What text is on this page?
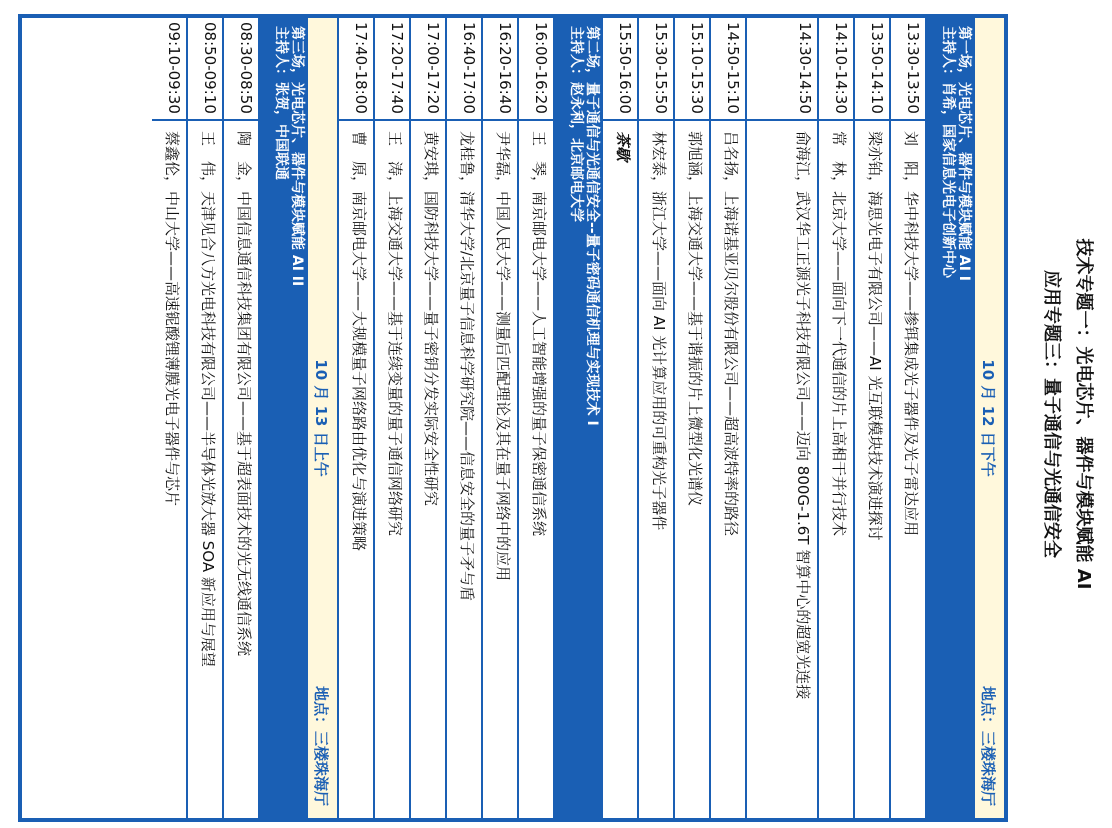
技术专题一：光电芯片、器件与模块赋能 AI
应用专题三：量子通信与光通信安全
10 月 12 日下午
地点：三楼珠海厅
第一场，光电芯片、器件与模块赋能 AI I
主持人：肖希，国家信息光电子创新中心
13:30-13:50
刘　阳，华中科技大学——掺铒集成光子器件及光子雷达应用
13:50-14:10
梁亦铂，海思光电子有限公司——AI 光互联模块技术演进探讨
14:10-14:30
常　林，北京大学——面向下一代通信的片上高相干并行技术
14:30-14:50
俞海江，武汉华工正源光子科技有限公司——迈向 800G-1.6T 智算中心的超宽光连接
14:50-15:10
吕名扬，上海诺基亚贝尔股份有限公司——超高波特率的路径
15:10-15:30
郭旭涵，上海交通大学——基于谐振的片上微型化光谱仪
15:30-15:50
林宏泰，浙江大学——面向 AI 光计算应用的可重构光子器件
15:50-16:00
茶歇
第二场，量子通信与光通信安全--量子密码通信机理与实现技术 I
主持人：赵永利，北京邮电大学
16:00-16:20
王　琴，南京邮电大学——人工智能增强的量子保密通信系统
16:20-16:40
尹华磊，中国人民大学——测量后匹配理论及其在量子网络中的应用
16:40-17:00
龙桂鲁，清华大学/北京量子信息科学研究院——信息安全的量子矛与盾
17:00-17:20
黄安琪，国防科技大学——量子密钥分发实际安全性研究
17:20-17:40
王　涛，上海交通大学——基于连续变量的量子通信网络研究
17:40-18:00
曹　原，南京邮电大学——大规模量子网络路由优化与演进策略
10 月 13 日上午
地点：三楼珠海厅
第三场，光电芯片、器件与模块赋能 AI II
主持人：张贺，中国联通
08:30-08:50
陶　金，中国信息通信科技集团有限公司——基于超表面技术的光无线通信系统
08:50-09:10
王　伟，天津见合八方光电科技有限公司——半导体光放大器 SOA 新应用与展望
09:10-09:30
蔡鑫伦，中山大学——高速铌酸锂薄膜光电子器件与芯片
